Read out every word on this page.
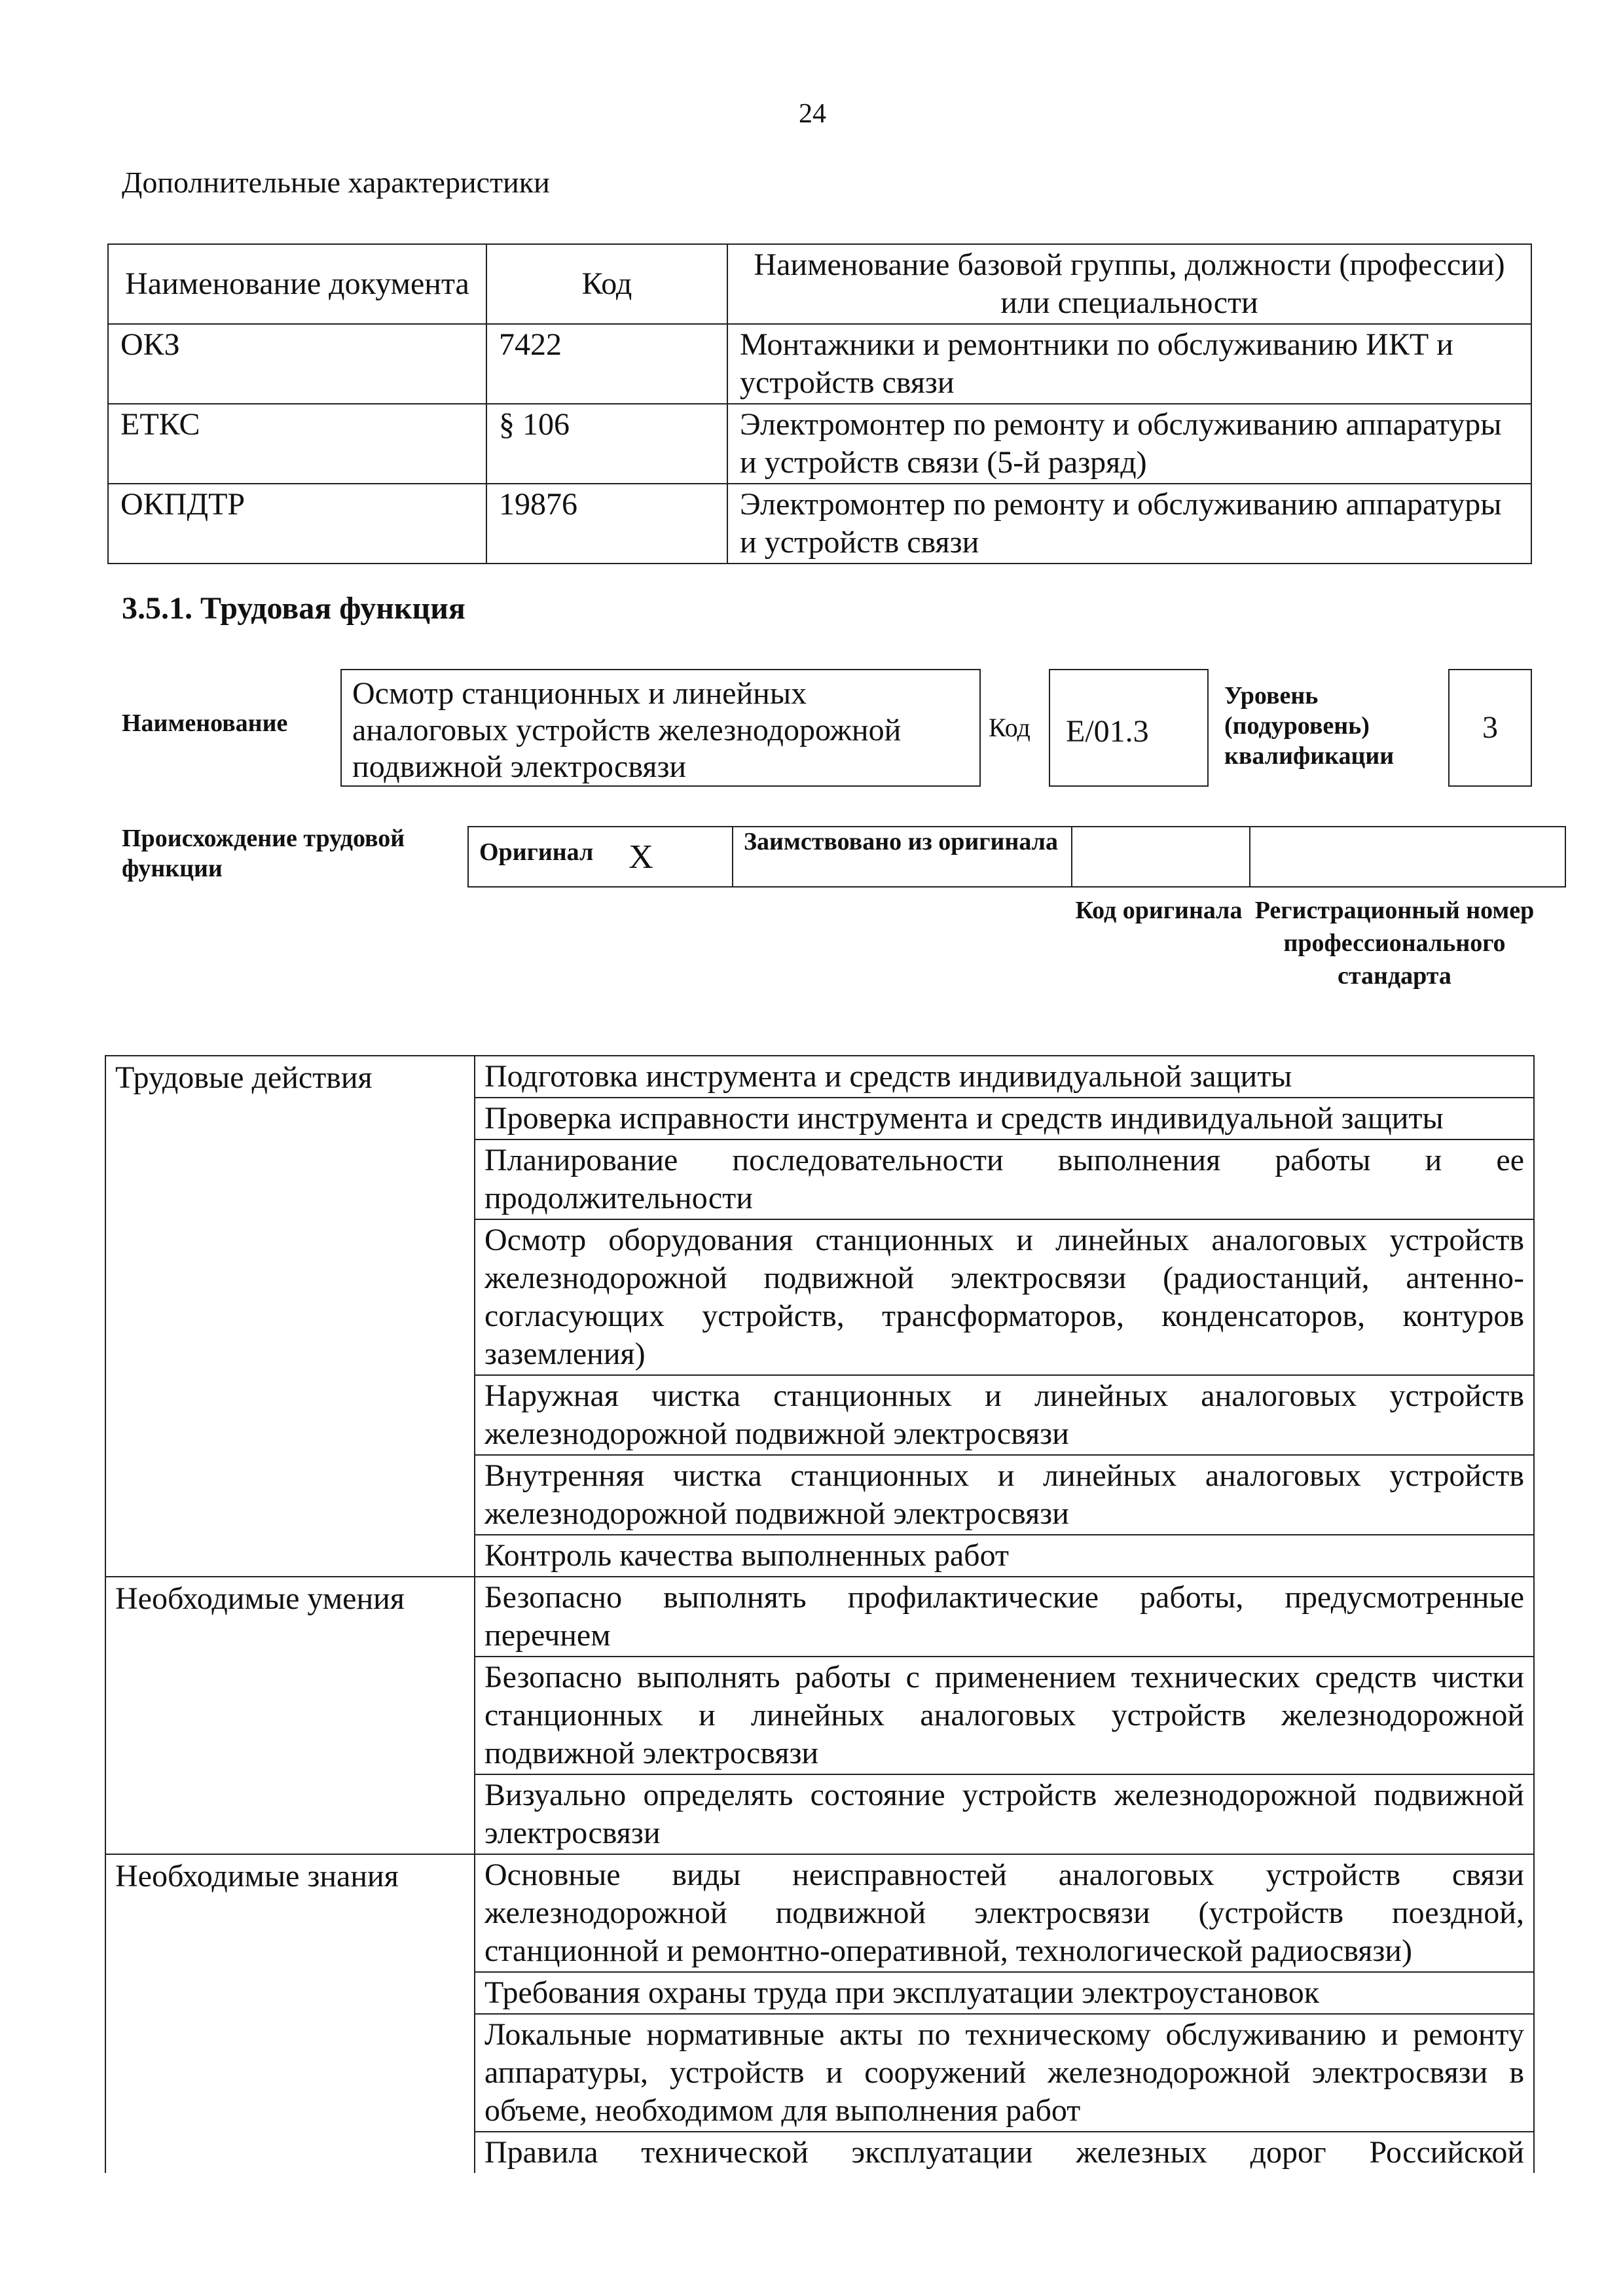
24
Дополнительные характеристики
Наименование документа	Код	Наименование базовой группы, должности (профессии) или специальности
ОКЗ	7422	Монтажники и ремонтники по обслуживанию ИКТ и устройств связи
ЕТКС	§ 106	Электромонтер по ремонту и обслуживанию аппаратуры и устройств связи (5-й разряд)
ОКПДТР	19876	Электромонтер по ремонту и обслуживанию аппаратуры и устройств связи
3.5.1. Трудовая функция
Наименование
Осмотр станционных и линейных аналоговых устройств железнодорожной подвижной электросвязи
Код	Е/01.3
Уровень (подуровень) квалификации
3
Происхождение трудовой функции
Оригинал X	Заимствовано из оригинала		
Код оригинала Регистрационный номер профессионального стандарта
Трудовые действия	Подготовка инструмента и средств индивидуальной защиты
	Проверка исправности инструмента и средств индивидуальной защиты
	Планирование последовательности выполнения работы и ее продолжительности
	Осмотр оборудования станционных и линейных аналоговых устройств железнодорожной подвижной электросвязи (радиостанций, антенно-согласующих устройств, трансформаторов, конденсаторов, контуров заземления)
	Наружная чистка станционных и линейных аналоговых устройств железнодорожной подвижной электросвязи
	Внутренняя чистка станционных и линейных аналоговых устройств железнодорожной подвижной электросвязи
	Контроль качества выполненных работ
Необходимые умения	Безопасно выполнять профилактические работы, предусмотренные перечнем
	Безопасно выполнять работы с применением технических средств чистки станционных и линейных аналоговых устройств железнодорожной подвижной электросвязи
	Визуально определять состояние устройств железнодорожной подвижной электросвязи
Необходимые знания	Основные виды неисправностей аналоговых устройств связи железнодорожной подвижной электросвязи (устройств поездной, станционной и ремонтно-оперативной, технологической радиосвязи)
	Требования охраны труда при эксплуатации электроустановок
	Локальные нормативные акты по техническому обслуживанию и ремонту аппаратуры, устройств и сооружений железнодорожной электросвязи в объеме, необходимом для выполнения работ
	Правила технической эксплуатации железных дорог Российской
